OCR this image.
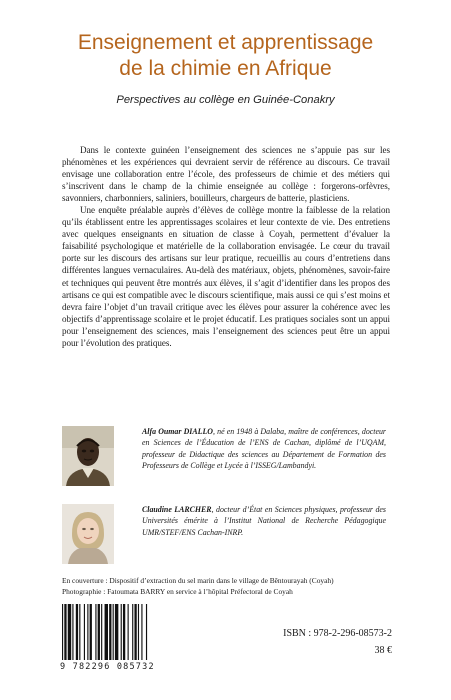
Enseignement et apprentissage
de la chimie en Afrique
Perspectives au collège en Guinée-Conakry

Dans le contexte guinéen l’enseignement des sciences ne s’appuie pas sur les phénomènes et les expériences qui devraient servir de référence au discours. Ce travail envisage une collaboration entre l’école, des professeurs de chimie et des métiers qui s’inscrivent dans le champ de la chimie enseignée au collège : forgerons-orfèvres, savonniers, charbonniers, saliniers, bouilleurs, chargeurs de batterie, plasticiens.

Une enquête préalable auprès d’élèves de collège montre la faiblesse de la relation qu’ils établissent entre les apprentissages scolaires et leur contexte de vie. Des entretiens avec quelques enseignants en situation de classe à Coyah, permettent d’évaluer la faisabilité psychologique et matérielle de la collaboration envisagée. Le cœur du travail porte sur les discours des artisans sur leur pratique, recueillis au cours d’entretiens dans différentes langues vernaculaires. Au-delà des matériaux, objets, phénomènes, savoir-faire et techniques qui peuvent être montrés aux élèves, il s’agit d’identifier dans les propos des artisans ce qui est compatible avec le discours scientifique, mais aussi ce qui s’est moins et devra faire l’objet d’un travail critique avec les élèves pour assurer la cohérence avec les objectifs d’apprentissage scolaire et le projet éducatif. Les pratiques sociales sont un appui pour l’enseignement des sciences, mais l’enseignement des sciences peut être un appui pour l’évolution des pratiques.

Alfa Oumar DIALLO, né en 1948 à Dalaba, maître de conférences, docteur en Sciences de l’Éducation de l’ENS de Cachan, diplômé de l’UQAM, professeur de Didactique des sciences au Département de Formation des Professeurs de Collège et Lycée à l’ISSEG/Lambandyi.
Claudine LARCHER, docteur d’État en Sciences physiques, professeur des Universités émérite à l’Institut National de Recherche Pédagogique UMR/STEF/ENS Cachan-INRP.
En couverture : Dispositif d’extraction du sel marin dans le village de Bêntourayah (Coyah)
Photographie : Fatoumata BARRY en service à l’hôpital Préfectoral de Coyah
9 782296 085732
ISBN : 978-2-296-08573-2
38 €
